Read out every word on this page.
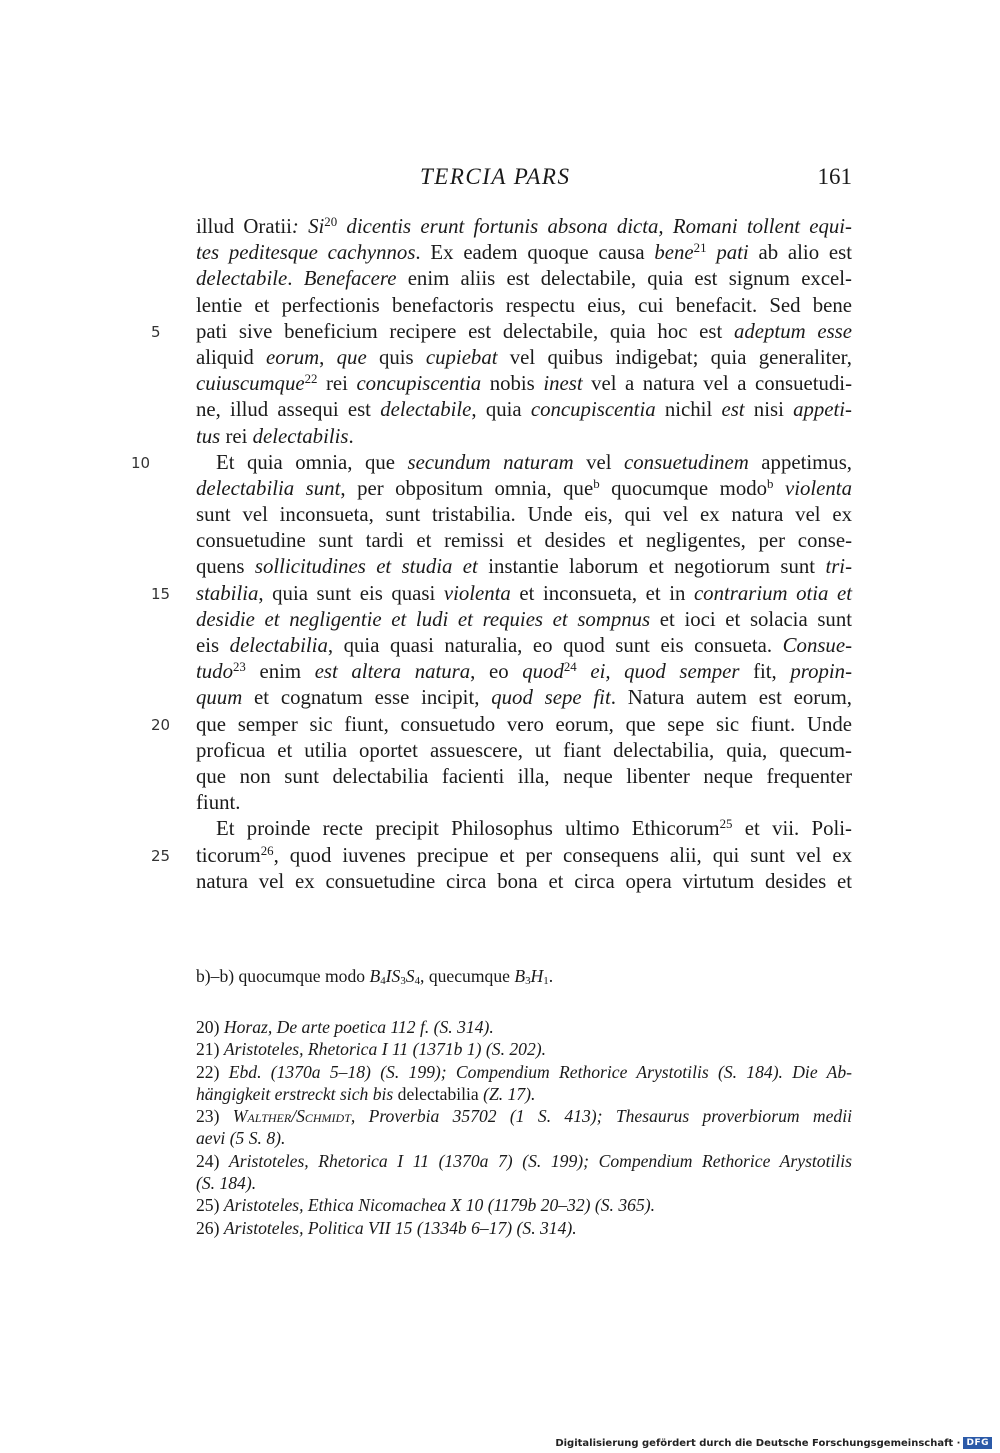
TERCIA PARS	161
illud Oratii: Si$^{20}$ dicentis erunt fortunis absona dicta, Romani tollent equi-
tes peditesque cachynnos. Ex eadem quoque causa bene$^{21}$ pati ab alio est
delectabile. Benefacere enim aliis est delectabile, quia est signum excel-
lentie et perfectionis benefactoris respectu eius, cui benefacit. Sed bene
5	pati sive beneficium recipere est delectabile, quia hoc est adeptum esse
aliquid eorum, que quis cupiebat vel quibus indigebat; quia generaliter,
cuiuscumque$^{22}$ rei concupiscentia nobis inest vel a natura vel a consuetudi-
ne, illud assequi est delectabile, quia concupiscentia nichil est nisi appeti-
tus rei delectabilis.
10	Et quia omnia, que secundum naturam vel consuetudinem appetimus,
delectabilia sunt, per obpositum omnia, que$^b$ quocumque modo$^b$ violenta
sunt vel inconsueta, sunt tristabilia. Unde eis, qui vel ex natura vel ex
consuetudine sunt tardi et remissi et desides et negligentes, per conse-
quens sollicitudines et studia et instantie laborum et negotiorum sunt tri-
15 stabilia, quia sunt eis quasi violenta et inconsueta, et in contrarium otia et
desidie et negligentie et ludi et requies et sompnus et ioci et solacia sunt
eis delectabilia, quia quasi naturalia, eo quod sunt eis consueta. Consue-
tudo$^{23}$ enim est altera natura, eo quod$^{24}$ ei, quod semper fit, propin-
quum et cognatum esse incipit, quod sepe fit. Natura autem est eorum,
20 que semper sic fiunt, consuetudo vero eorum, que sepe sic fiunt. Unde
proficua et utilia oportet assuescere, ut fiant delectabilia, quia, quecum-
que non sunt delectabilia facienti illa, neque libenter neque frequenter
fiunt.
Et proinde recte precipit Philosophus ultimo Ethicorum$^{25}$ et vii. Poli-
25 ticorum$^{26}$, quod iuvenes precipue et per consequens alii, qui sunt vel ex
natura vel ex consuetudine circa bona et circa opera virtutum desides et
b)–b) quocumque modo $B_4IS_3S_4$, quecumque $B_3H_1$.
20) Horaz, De arte poetica 112 f. (S. 314).
21) Aristoteles, Rhetorica I 11 (1371b 1) (S. 202).
22) Ebd. (1370a 5–18) (S. 199); Compendium Rethorice Arystotilis (S. 184). Die Ab-
hängigkeit erstreckt sich bis delectabilia (Z. 17).
23) Walther/Schmidt, Proverbia 35702 (1 S. 413); Thesaurus proverbiorum medii
aevi (5 S. 8).
24) Aristoteles, Rhetorica I 11 (1370a 7) (S. 199); Compendium Rethorice Arystotilis
(S. 184).
25) Aristoteles, Ethica Nicomachea X 10 (1179b 20–32) (S. 365).
26) Aristoteles, Politica VII 15 (1334b 6–17) (S. 314).
Digitalisierung gefördert durch die Deutsche Forschungsgemeinschaft · DFG
